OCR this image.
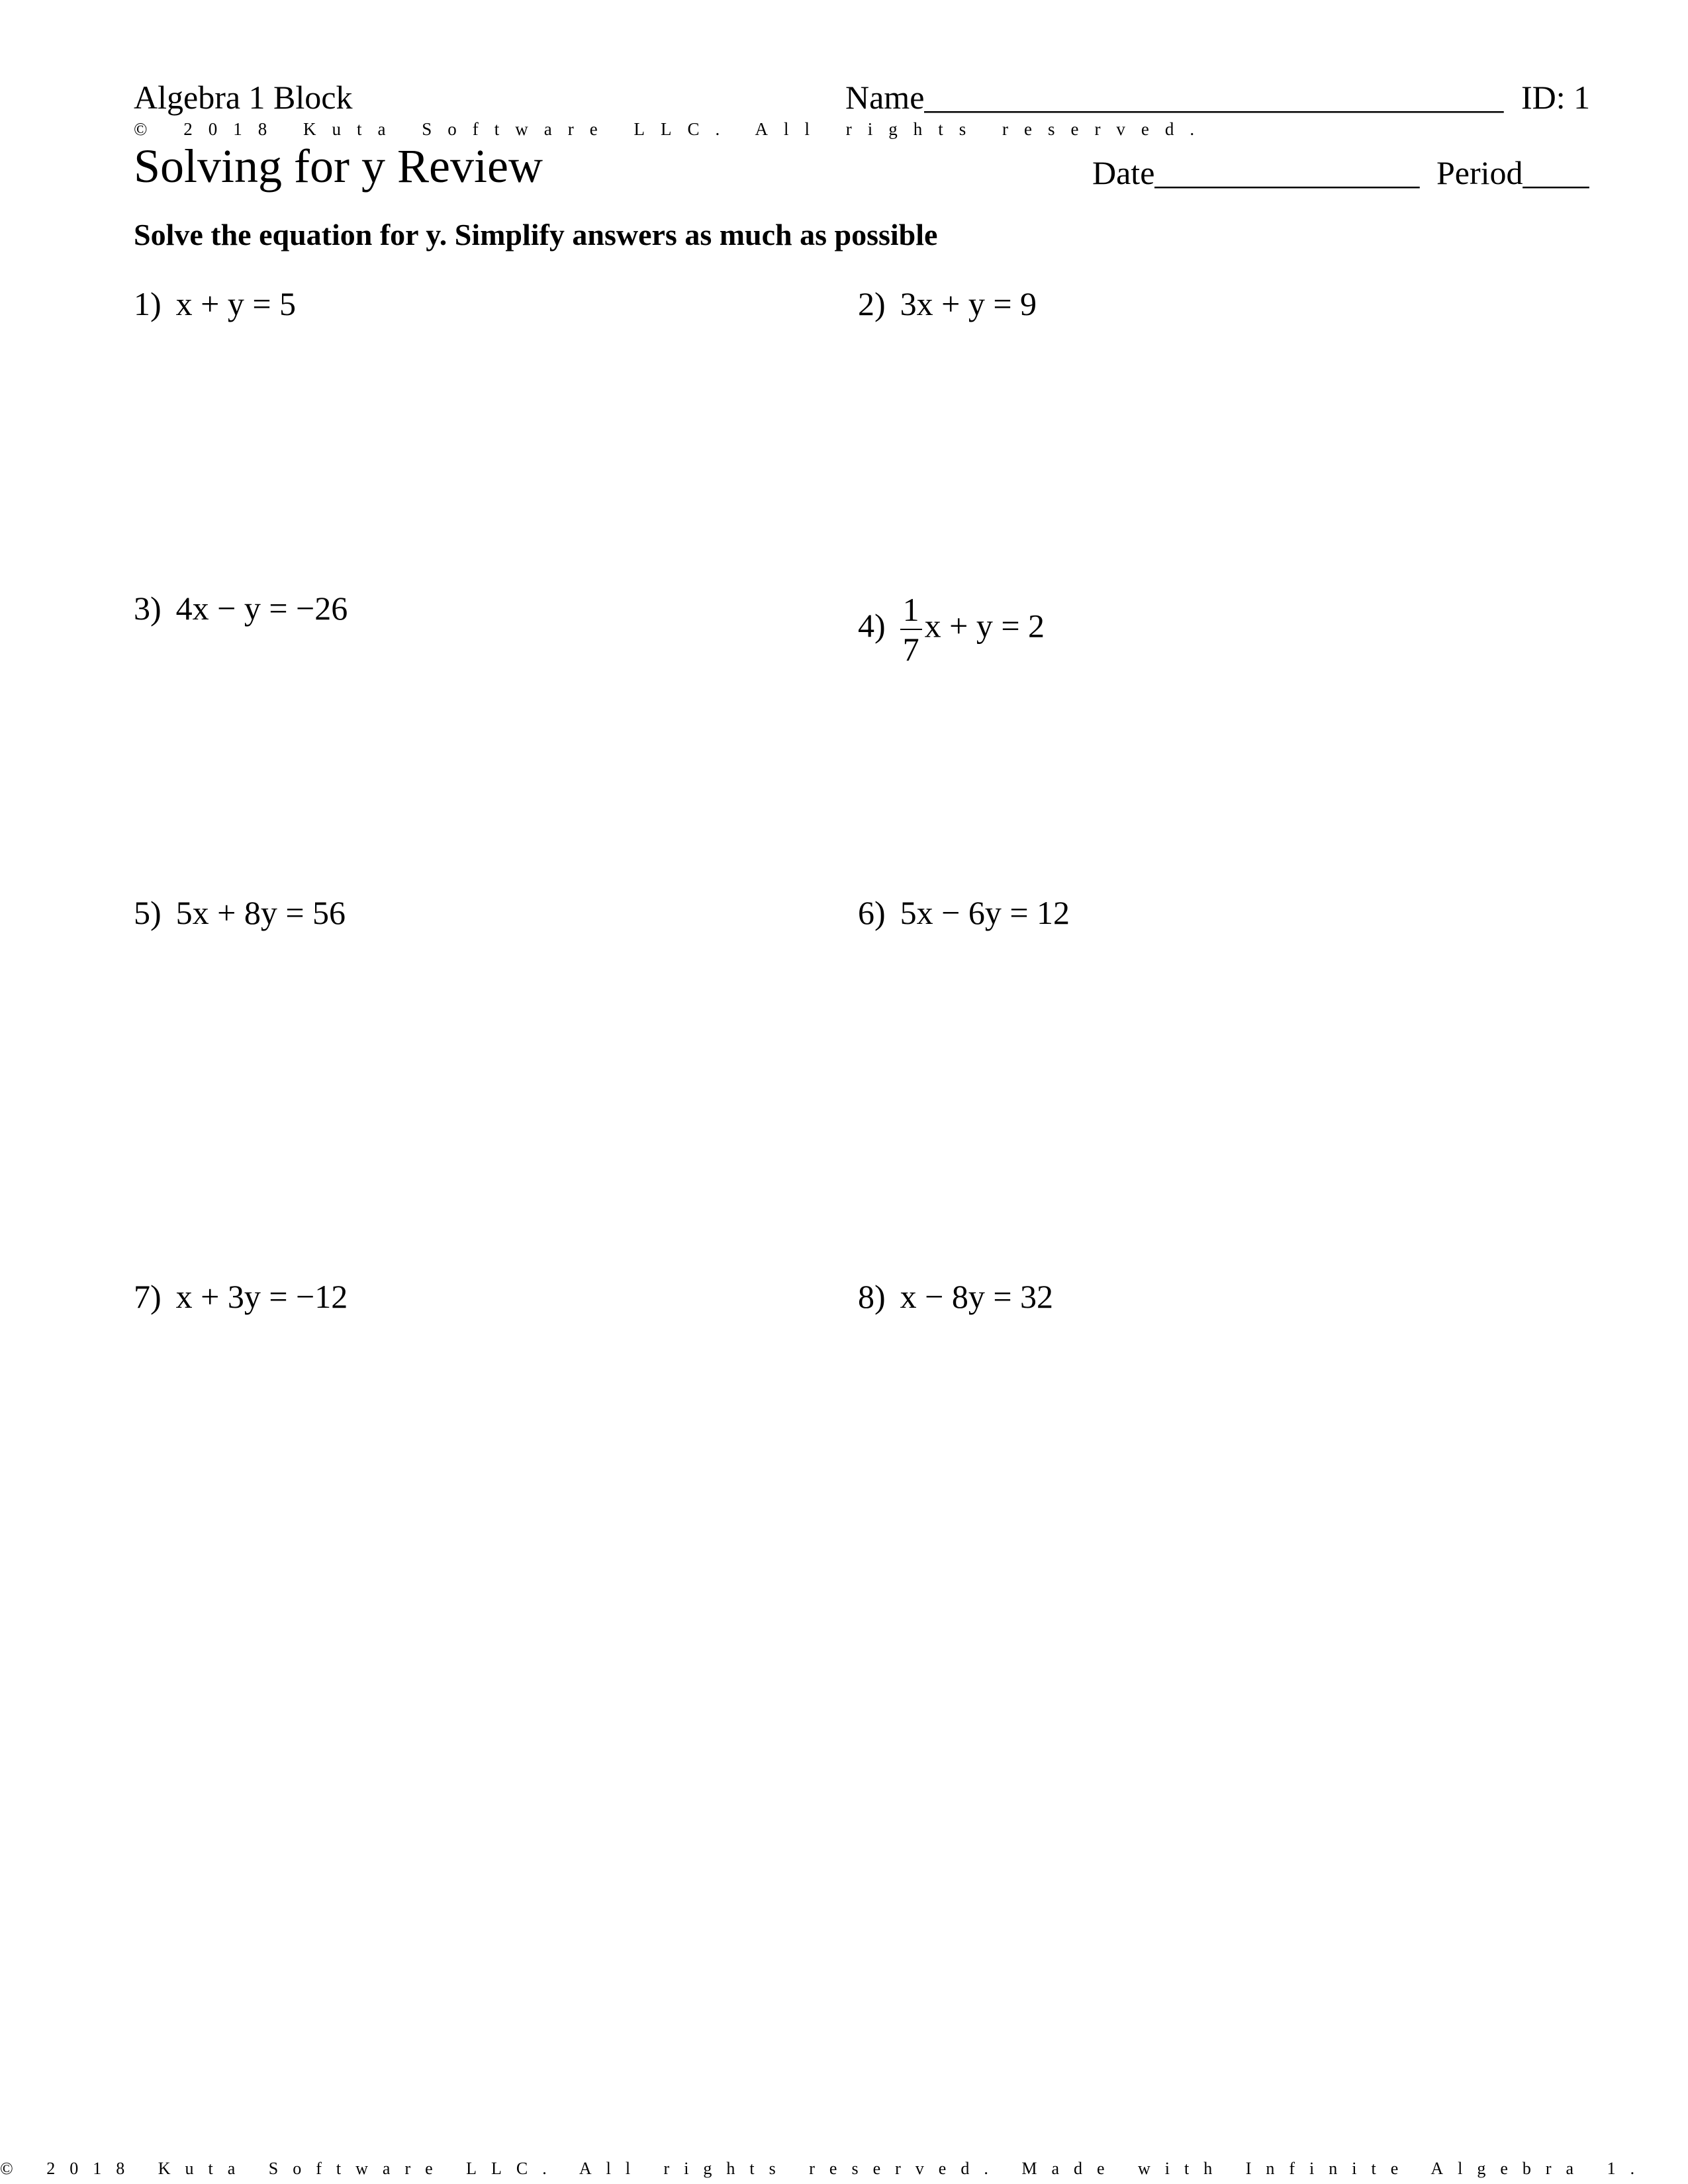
Algebra 1 Block	Name___________________________________ ID: 1
© 2018 Kuta Software LLC. All rights reserved.
Solving for y Review	Date________________ Period____
Solve the equation for y. Simplify answers as much as possible
1) x + y = 5	2) 3x + y = 9
3) 4x − y = −26	$4) \frac{1}{7}$ x + y = 2
5) 5x + 8y = 56	6) 5x − 6y = 12
7) x + 3y = −12	8) x − 8y = 32
© 2018 Kuta Software LLC. All rights reserved. Made with Infinite Algebra 1.
